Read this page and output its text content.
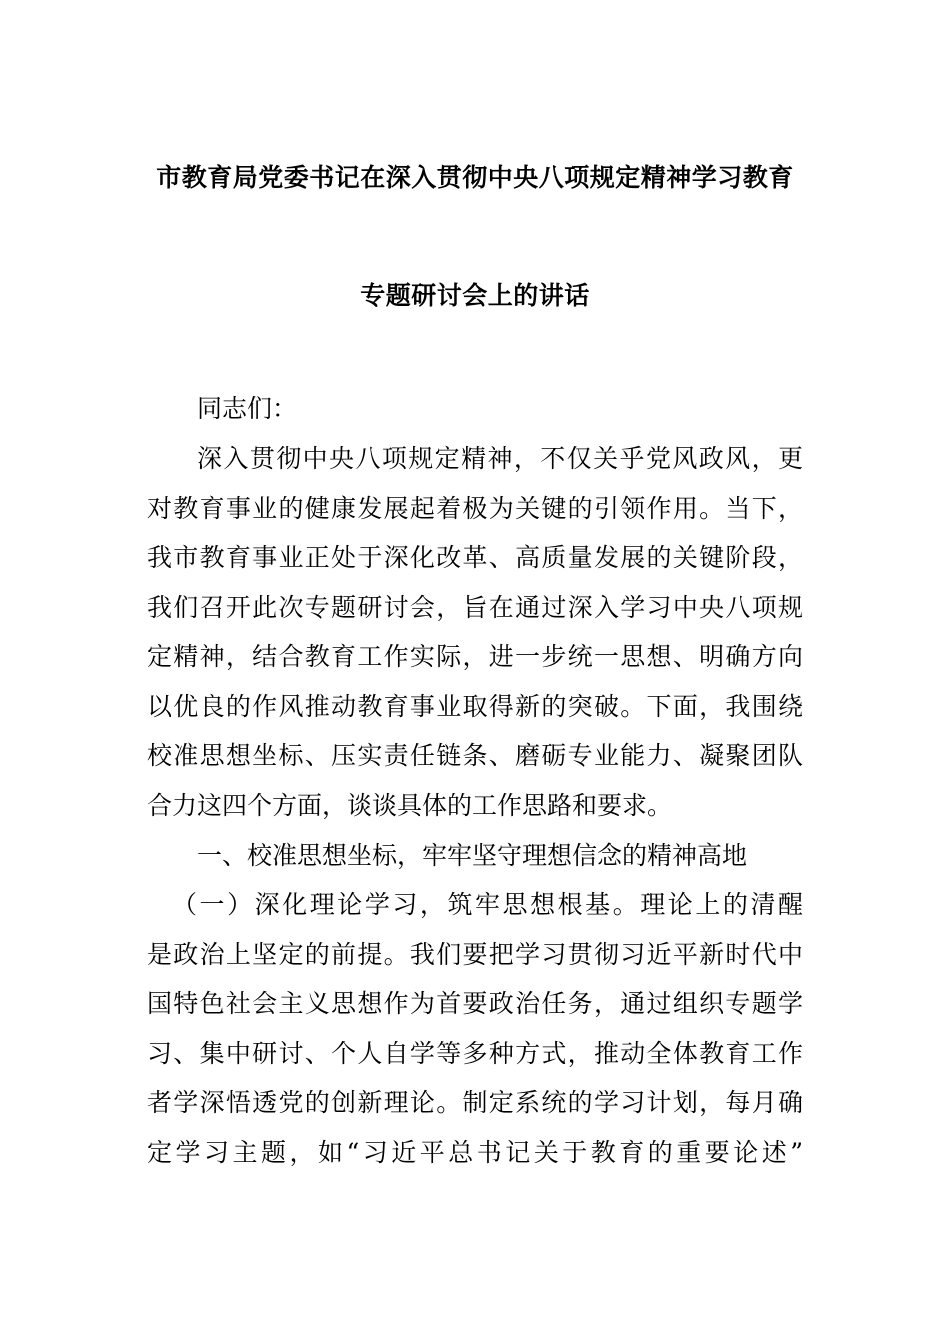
市教育局党委书记在深入贯彻中央八项规定精神学习教育
专题研讨会上的讲话
同志们：
深入贯彻中央八项规定精神，不仅关乎党风政风，更
对教育事业的健康发展起着极为关键的引领作用。当下，
我市教育事业正处于深化改革、高质量发展的关键阶段，
我们召开此次专题研讨会，旨在通过深入学习中央八项规
定精神，结合教育工作实际，进一步统一思想、明确方向
以优良的作风推动教育事业取得新的突破。下面，我围绕
校准思想坐标、压实责任链条、磨砺专业能力、凝聚团队
合力这四个方面，谈谈具体的工作思路和要求。
一、校准思想坐标，牢牢坚守理想信念的精神高地
（一）深化理论学习，筑牢思想根基。理论上的清醒
是政治上坚定的前提。我们要把学习贯彻习近平新时代中
国特色社会主义思想作为首要政治任务，通过组织专题学
习、集中研讨、个人自学等多种方式，推动全体教育工作
者学深悟透党的创新理论。制定系统的学习计划，每月确
定学习主题，如“习近平总书记关于教育的重要论述”
